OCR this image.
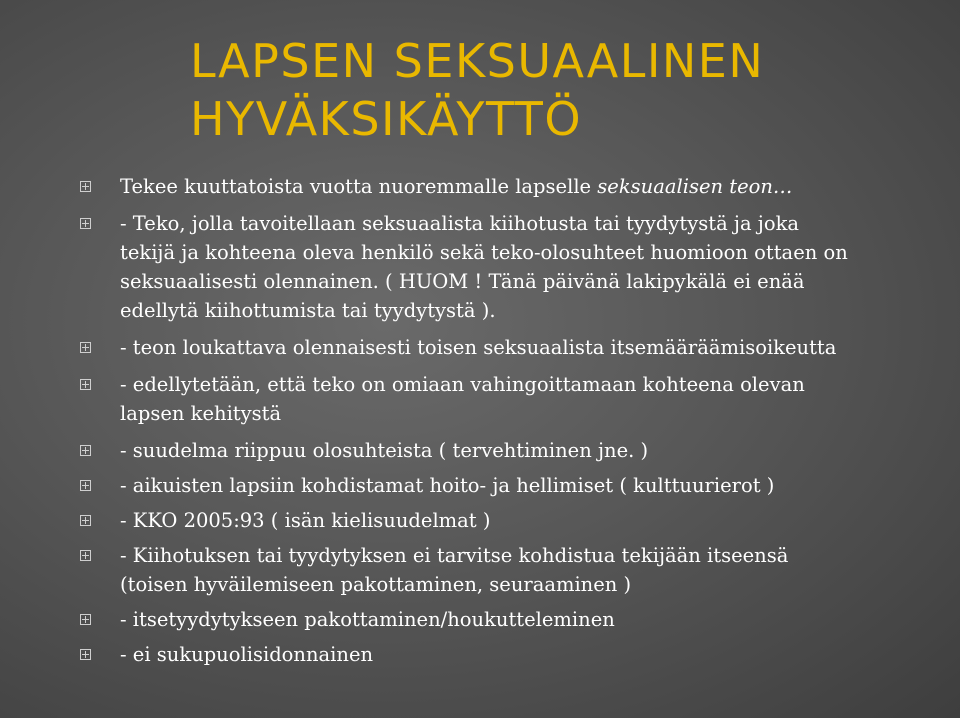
LAPSEN SEKSUAALINEN
HYVÄKSIKÄYTTÖ
Tekee kuuttatoista vuotta nuoremmalle lapselle seksuaalisen teon…
- Teko, jolla tavoitellaan seksuaalista kiihotusta tai tyydytystä ja joka
tekijä ja kohteena oleva henkilö sekä teko-olosuhteet huomioon ottaen on
seksuaalisesti olennainen. ( HUOM ! Tänä päivänä lakipykälä ei enää
edellytä kiihottumista tai tyydytystä ).
- teon loukattava olennaisesti toisen seksuaalista itsemääräämisoikeutta
- edellytetään, että teko on omiaan vahingoittamaan kohteena olevan
lapsen kehitystä
- suudelma riippuu olosuhteista ( tervehtiminen jne. )
- aikuisten lapsiin kohdistamat hoito- ja hellimiset ( kulttuurierot )
- KKO 2005:93 ( isän kielisuudelmat )
- Kiihotuksen tai tyydytyksen ei tarvitse kohdistua tekijään itseensä
(toisen hyväilemiseen pakottaminen, seuraaminen )
- itsetyydytykseen pakottaminen/houkutteleminen
- ei sukupuolisidonnainen
